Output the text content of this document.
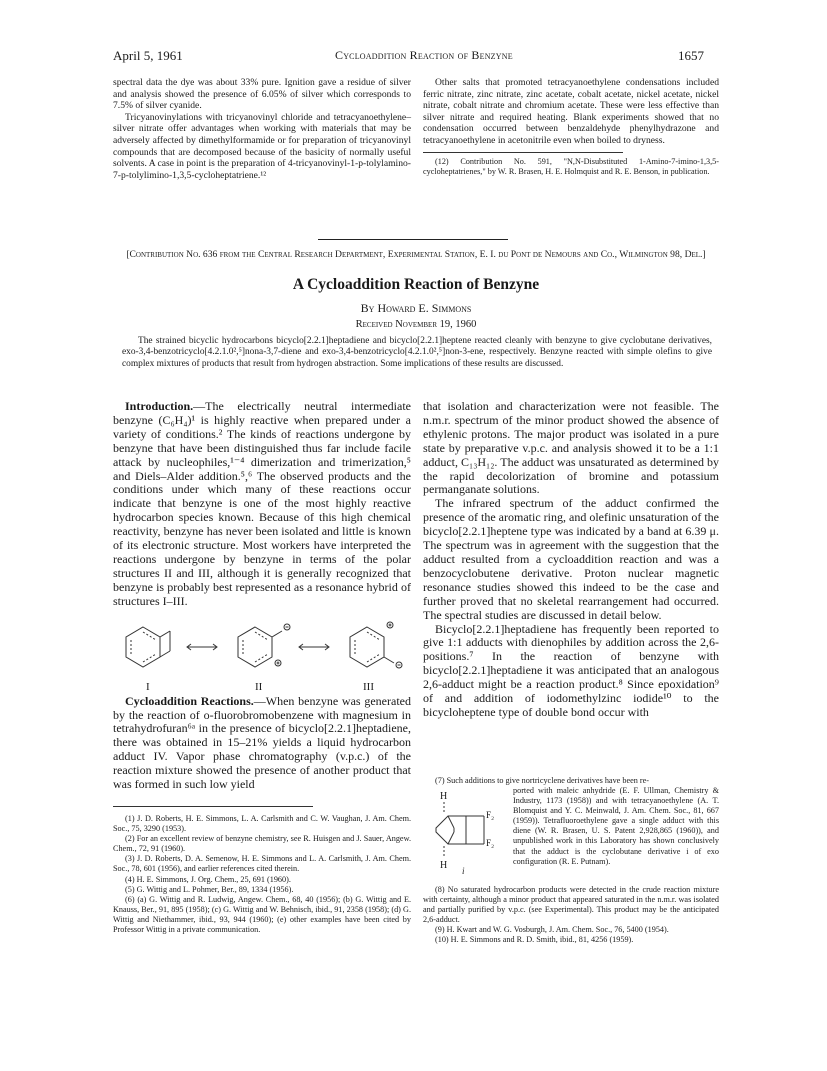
April 5, 1961	Cycloaddition Reaction of Benzyne	1657

spectral data the dye was about 33% pure. Ignition gave a residue of silver and analysis showed the presence of 6.05% of silver which corresponds to 7.5% of silver cyanide.

Tricyanovinylations with tricyanovinyl chloride and tetracyanoethylene–silver nitrate offer advantages when working with materials that may be adversely affected by dimethylformamide or for preparation of tricyanovinyl compounds that are decomposed because of the basicity of normally useful solvents. A case in point is the preparation of 4-tricyanovinyl-1-p-tolylamino-7-p-tolylimino-1,3,5-cycloheptatriene.¹²

Other salts that promoted tetracyanoethylene condensations included ferric nitrate, zinc nitrate, zinc acetate, cobalt acetate, nickel acetate, nickel nitrate, cobalt nitrate and chromium acetate. These were less effective than silver nitrate and required heating. Blank experiments showed that no condensation occurred between benzaldehyde phenylhydrazone and tetracyanoethylene in acetonitrile even when boiled to dryness.

(12) Contribution No. 591, "N,N-Disubstituted 1-Amino-7-imino-1,3,5-cycloheptatrienes," by W. R. Brasen, H. E. Holmquist and R. E. Benson, in publication.
[Contribution No. 636 from the Central Research Department, Experimental Station, E. I. du Pont de Nemours and Co., Wilmington 98, Del.]
A Cycloaddition Reaction of Benzyne
By Howard E. Simmons
Received November 19, 1960
The strained bicyclic hydrocarbons bicyclo[2.2.1]heptadiene and bicyclo[2.2.1]heptene reacted cleanly with benzyne to give cyclobutane derivatives, exo-3,4-benzotricyclo[4.2.1.0²,⁵]nona-3,7-diene and exo-3,4-benzotricyclo[4.2.1.0²,⁵]non-3-ene, respectively. Benzyne reacted with simple olefins to give complex mixtures of products that result from hydrogen abstraction. Some implications of these results are discussed.

Introduction.—The electrically neutral intermediate benzyne (C₆H₄)¹ is highly reactive when prepared under a variety of conditions.² The kinds of reactions undergone by benzyne that have been distinguished thus far include facile attack by nucleophiles,¹⁻⁴ dimerization and trimerization,⁵ and Diels–Alder addition.⁵,⁶ The observed products and the conditions under which many of these reactions occur indicate that benzyne is one of the most highly reactive hydrocarbon species known. Because of this high chemical reactivity, benzyne has never been isolated and little is known of its electronic structure. Most workers have interpreted the reactions undergone by benzyne in terms of the polar structures II and III, although it is generally recognized that benzyne is probably best represented as a resonance hybrid of structures I–III.

I	II	III

Cycloaddition Reactions.—When benzyne was generated by the reaction of o-fluorobromobenzene with magnesium in tetrahydrofuran⁶ᵃ in the presence of bicyclo[2.2.1]heptadiene, there was obtained in 15–21% yields a liquid hydrocarbon adduct IV. Vapor phase chromatography (v.p.c.) of the reaction mixture showed the presence of another product that was formed in such low yield

(1) J. D. Roberts, H. E. Simmons, L. A. Carlsmith and C. W. Vaughan, J. Am. Chem. Soc., 75, 3290 (1953).

(2) For an excellent review of benzyne chemistry, see R. Huisgen and J. Sauer, Angew. Chem., 72, 91 (1960).

(3) J. D. Roberts, D. A. Semenow, H. E. Simmons and L. A. Carlsmith, J. Am. Chem. Soc., 78, 601 (1956), and earlier references cited therein.

(4) H. E. Simmons, J. Org. Chem., 25, 691 (1960).

(5) G. Wittig and L. Pohmer, Ber., 89, 1334 (1956).

(6) (a) G. Wittig and R. Ludwig, Angew. Chem., 68, 40 (1956); (b) G. Wittig and E. Knauss, Ber., 91, 895 (1958); (c) G. Wittig and W. Behnisch, ibid., 91, 2358 (1958); (d) G. Wittig and Niethammer, ibid., 93, 944 (1960); (e) other examples have been cited by Professor Wittig in a private communication.

that isolation and characterization were not feasible. The n.m.r. spectrum of the minor product showed the absence of ethylenic protons. The major product was isolated in a pure state by preparative v.p.c. and analysis showed it to be a 1:1 adduct, C₁₃H₁₂. The adduct was unsaturated as determined by the rapid decolorization of bromine and potassium permanganate solutions.

The infrared spectrum of the adduct confirmed the presence of the aromatic ring, and olefinic unsaturation of the bicyclo[2.2.1]heptene type was indicated by a band at 6.39 μ. The spectrum was in agreement with the suggestion that the adduct resulted from a cycloaddition reaction and was a benzocyclobutene derivative. Proton nuclear magnetic resonance studies showed this indeed to be the case and further proved that no skeletal rearrangement had occurred. The spectral studies are discussed in detail below.

Bicyclo[2.2.1]heptadiene has frequently been reported to give 1:1 adducts with dienophiles by addition across the 2,6-positions.⁷ In the reaction of benzyne with bicyclo[2.2.1]heptadiene it was anticipated that an analogous 2,6-adduct might be a reaction product.⁸ Since epoxidation⁹ of and addition of iodomethylzinc iodide¹⁰ to the bicycloheptene type of double bond occur with

(7) Such additions to give nortricyclene derivatives have been re-
H
F₂
F₂
H i
ported with maleic anhydride (E. F. Ullman, Chemistry & Industry, 1173 (1958)) and with tetracyanoethylene (A. T. Blomquist and Y. C. Meinwald, J. Am. Chem. Soc., 81, 667 (1959)). Tetrafluoroethylene gave a single adduct with this diene (W. R. Brasen, U. S. Patent 2,928,865 (1960)), and unpublished work in this Laboratory has shown conclusively that the adduct is the cyclobutane derivative i of exo configuration (R. E. Putnam).

(8) No saturated hydrocarbon products were detected in the crude reaction mixture with certainty, although a minor product that appeared saturated in the n.m.r. was isolated and partially purified by v.p.c. (see Experimental). This product may be the anticipated 2,6-adduct.

(9) H. Kwart and W. G. Vosburgh, J. Am. Chem. Soc., 76, 5400 (1954).

(10) H. E. Simmons and R. D. Smith, ibid., 81, 4256 (1959).
